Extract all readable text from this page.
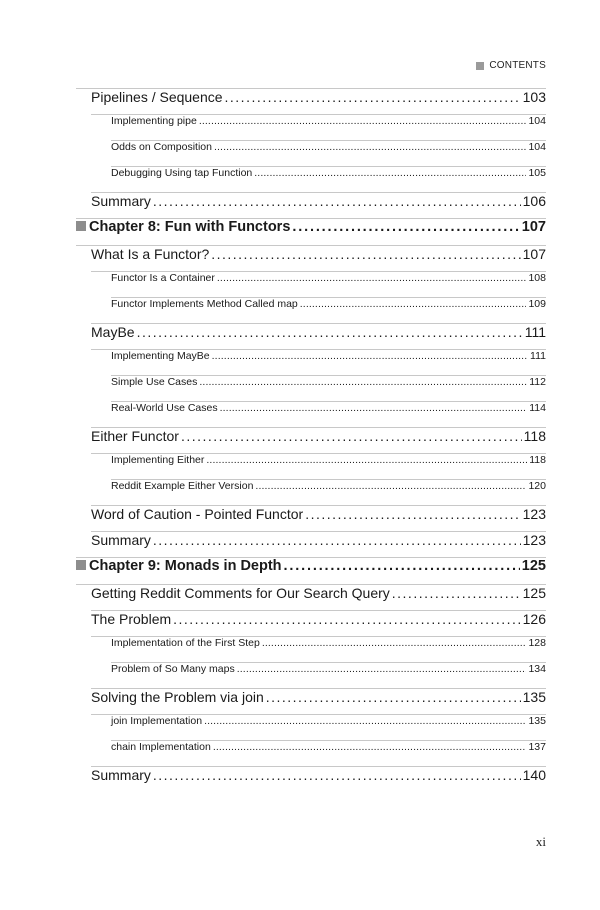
CONTENTS
Pipelines / Sequence . . .	103
Implementing pipe . . .	104
Odds on Composition . . .	104
Debugging Using tap Function . . .	105
Summary . . .	106
Chapter 8: Fun with Functors . . .	107
What Is a Functor? . . .	107
Functor Is a Container . . .	108
Functor Implements Method Called map . . .	109
MayBe . . .	111
Implementing MayBe . . .	111
Simple Use Cases . . .	112
Real-World Use Cases . . .	114
Either Functor . . .	118
Implementing Either . . .	118
Reddit Example Either Version . . .	120
Word of Caution - Pointed Functor . . .	123
Summary . . .	123
Chapter 9: Monads in Depth . . .	125
Getting Reddit Comments for Our Search Query . . .	125
The Problem . . .	126
Implementation of the First Step . . .	128
Problem of So Many maps . . .	134
Solving the Problem via join . . .	135
join Implementation . . .	135
chain Implementation . . .	137
Summary . . .	140
xi
